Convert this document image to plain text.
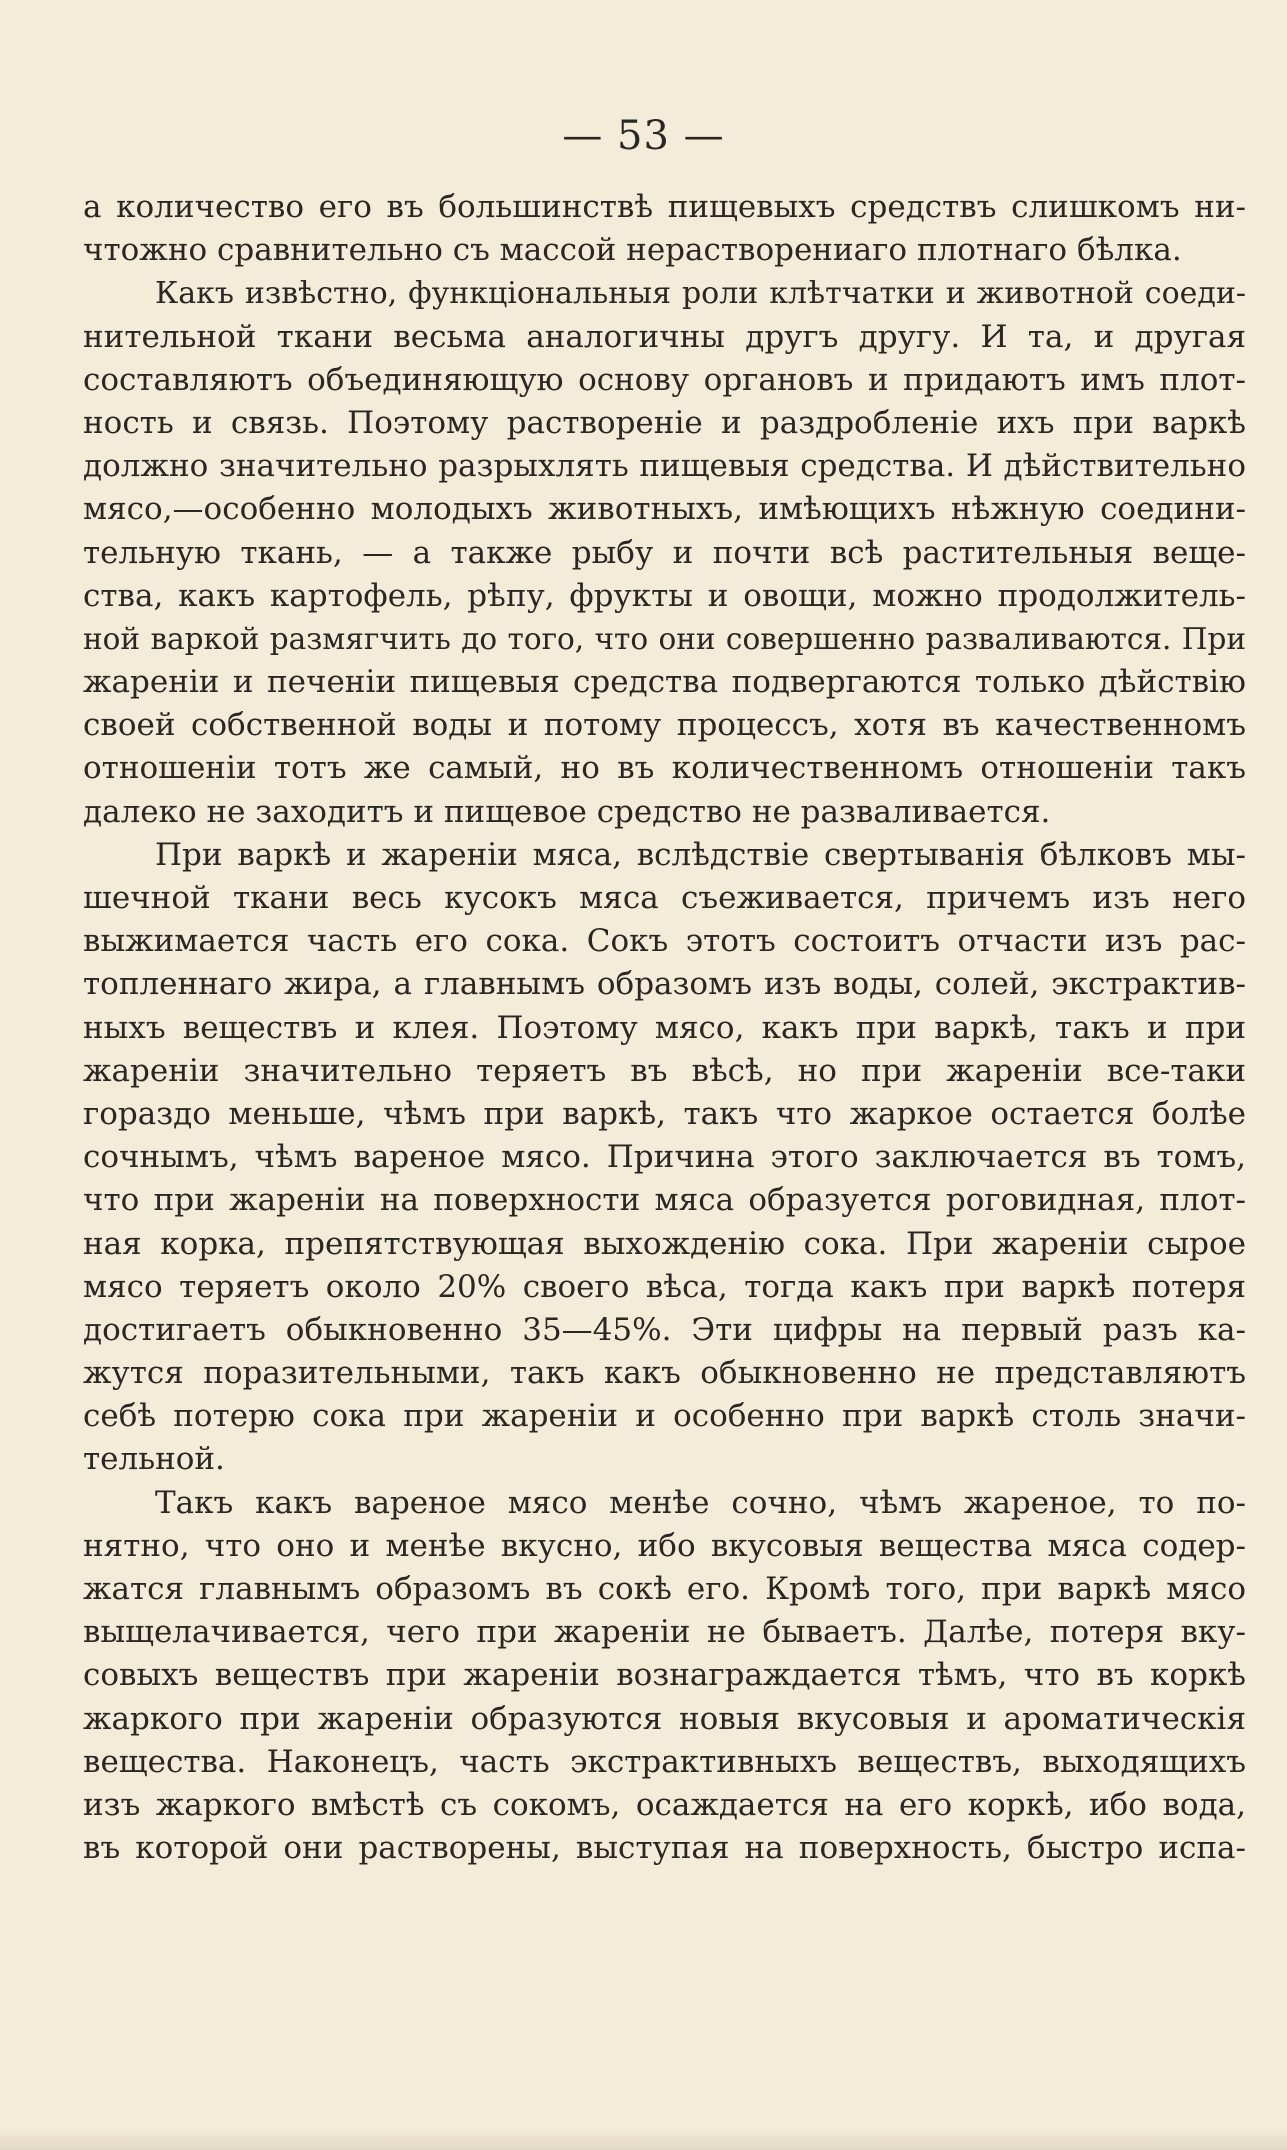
— 53 —
а количество его въ большинствѣ пищевыхъ средствъ слишкомъ ни-
чтожно сравнительно съ массой нерастворениаго плотнаго бѣлка.
Какъ извѣстно, функціональныя роли клѣтчатки и животной соеди-
нительной ткани весьма аналогичны другъ другу. И та, и другая
составляютъ объединяющую основу органовъ и придаютъ имъ плот-
ность и связь. Поэтому раствореніе и раздробленіе ихъ при варкѣ
должно значительно разрыхлять пищевыя средства. И дѣйствительно
мясо,—особенно молодыхъ животныхъ, имѣющихъ нѣжную соедини-
тельную ткань, — а также рыбу и почти всѣ растительныя веще-
ства, какъ картофель, рѣпу, фрукты и овощи, можно продолжитель-
ной варкой размягчить до того, что они совершенно разваливаются. При
жареніи и печеніи пищевыя средства подвергаются только дѣйствію
своей собственной воды и потому процессъ, хотя въ качественномъ
отношеніи тотъ же самый, но въ количественномъ отношеніи такъ
далеко не заходитъ и пищевое средство не разваливается.
При варкѣ и жареніи мяса, вслѣдствіе свертыванія бѣлковъ мы-
шечной ткани весь кусокъ мяса съеживается, причемъ изъ него
выжимается часть его сока. Сокъ этотъ состоитъ отчасти изъ рас-
топленнаго жира, а главнымъ образомъ изъ воды, солей, экстрактив-
ныхъ веществъ и клея. Поэтому мясо, какъ при варкѣ, такъ и при
жареніи значительно теряетъ въ вѣсѣ, но при жареніи все-таки
гораздо меньше, чѣмъ при варкѣ, такъ что жаркое остается болѣе
сочнымъ, чѣмъ вареное мясо. Причина этого заключается въ томъ,
что при жареніи на поверхности мяса образуется роговидная, плот-
ная корка, препятствующая выхожденію сока. При жареніи сырое
мясо теряетъ около 20% своего вѣса, тогда какъ при варкѣ потеря
достигаетъ обыкновенно 35—45%. Эти цифры на первый разъ ка-
жутся поразительными, такъ какъ обыкновенно не представляютъ
себѣ потерю сока при жареніи и особенно при варкѣ столь значи-
тельной.
Такъ какъ вареное мясо менѣе сочно, чѣмъ жареное, то по-
нятно, что оно и менѣе вкусно, ибо вкусовыя вещества мяса содер-
жатся главнымъ образомъ въ сокѣ его. Кромѣ того, при варкѣ мясо
выщелачивается, чего при жареніи не бываетъ. Далѣе, потеря вку-
совыхъ веществъ при жареніи вознаграждается тѣмъ, что въ коркѣ
жаркого при жареніи образуются новыя вкусовыя и ароматическія
вещества. Наконецъ, часть экстрактивныхъ веществъ, выходящихъ
изъ жаркого вмѣстѣ съ сокомъ, осаждается на его коркѣ, ибо вода,
въ которой они растворены, выступая на поверхность, быстро испа-
